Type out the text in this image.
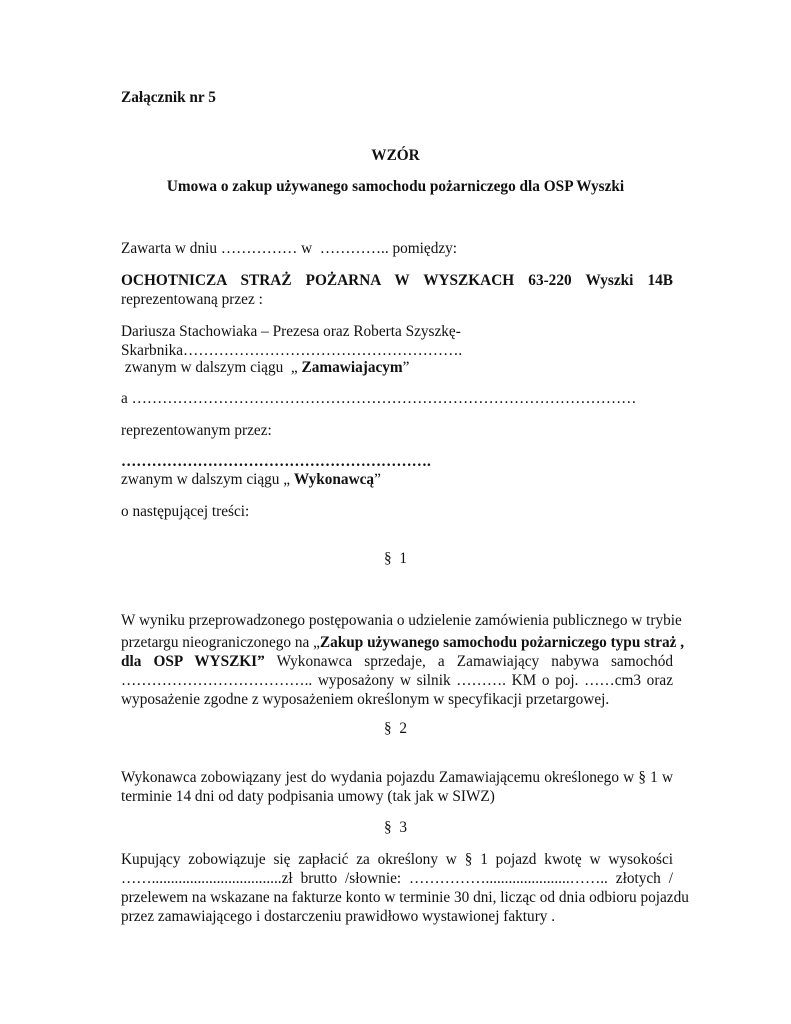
Załącznik nr 5
WZÓR
Umowa o zakup używanego samochodu pożarniczego dla OSP Wyszki
Zawarta w dniu …………… w  ………….. pomiędzy:
OCHOTNICZA STRAŻ POŻARNA W WYSZKACH 63-220 Wyszki 14B
reprezentowaną przez :
Dariusza Stachowiaka – Prezesa oraz Roberta Szyszkę-
Skarbnika……………………………………………….
zwanym w dalszym ciągu  „ Zamawiajacym”
a ………………………………………………………………………………………
reprezentowanym przez:
…………………………………………………….
zwanym w dalszym ciągu „ Wykonawcą”
o następującej treści:
§  1
W wyniku przeprowadzonego postępowania o udzielenie zamówienia publicznego w trybie
przetargu nieograniczonego na „Zakup używanego samochodu pożarniczego typu straż ,
dla OSP WYSZKI” Wykonawca sprzedaje, a Zamawiający nabywa samochód
……………………………….. wyposażony w silnik ………. KM o poj. ……cm3 oraz
wyposażenie zgodne z wyposażeniem określonym w specyfikacji przetargowej.
§  2
Wykonawca zobowiązany jest do wydania pojazdu Zamawiającemu określonego w § 1 w
terminie 14 dni od daty podpisania umowy (tak jak w SIWZ)
§  3
Kupujący zobowiązuje się zapłacić za określony w § 1 pojazd kwotę w wysokości
……..................................zł brutto /słownie: ……………......................…….. złotych /
przelewem na wskazane na fakturze konto w terminie 30 dni, licząc od dnia odbioru pojazdu
przez zamawiającego i dostarczeniu prawidłowo wystawionej faktury .
